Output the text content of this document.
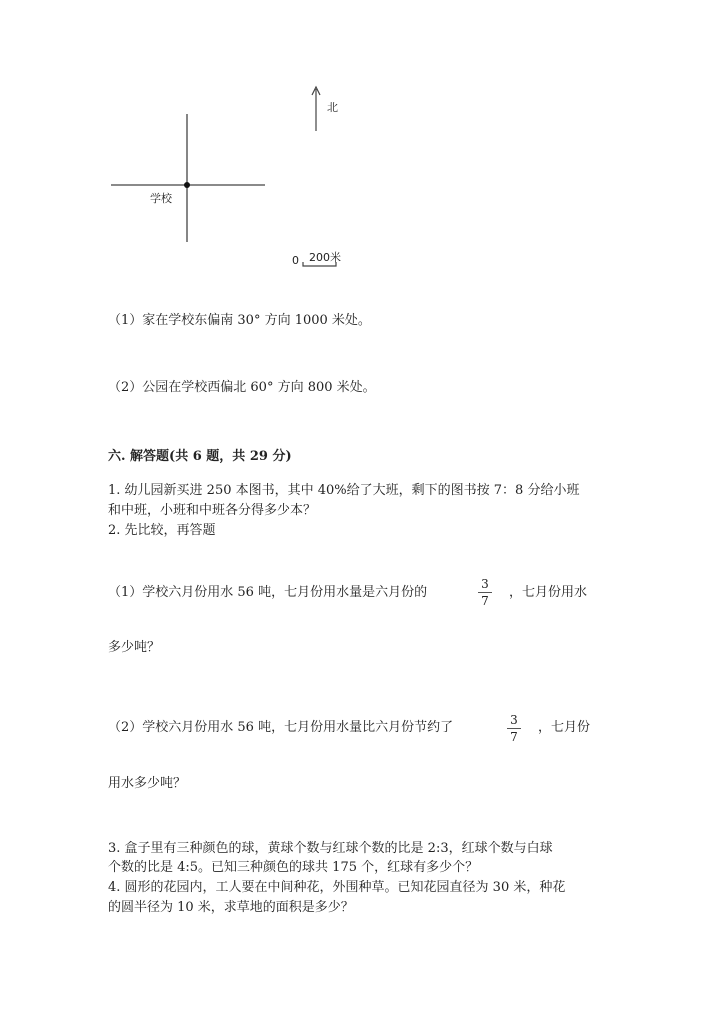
北
学校
0 200米
（1）家在学校东偏南 30° 方向 1000 米处。
（2）公园在学校西偏北 60° 方向 800 米处。
六. 解答题(共 6 题，共 29 分)
1. 幼儿园新买进 250 本图书，其中 40%给了大班，剩下的图书按 7：8 分给小班
和中班，小班和中班各分得多少本？
2. 先比较，再答题
（1）学校六月份用水 56 吨，七月份用水量是六月份的
3
7
，七月份用水
多少吨？
（2）学校六月份用水 56 吨，七月份用水量比六月份节约了	3
7
，七月份
用水多少吨？
3. 盒子里有三种颜色的球，黄球个数与红球个数的比是 2:3，红球个数与白球
个数的比是 4:5。已知三种颜色的球共 175 个，红球有多少个？
4. 圆形的花园内，工人要在中间种花，外围种草。已知花园直径为 30 米，种花
的圆半径为 10 米，求草地的面积是多少？
